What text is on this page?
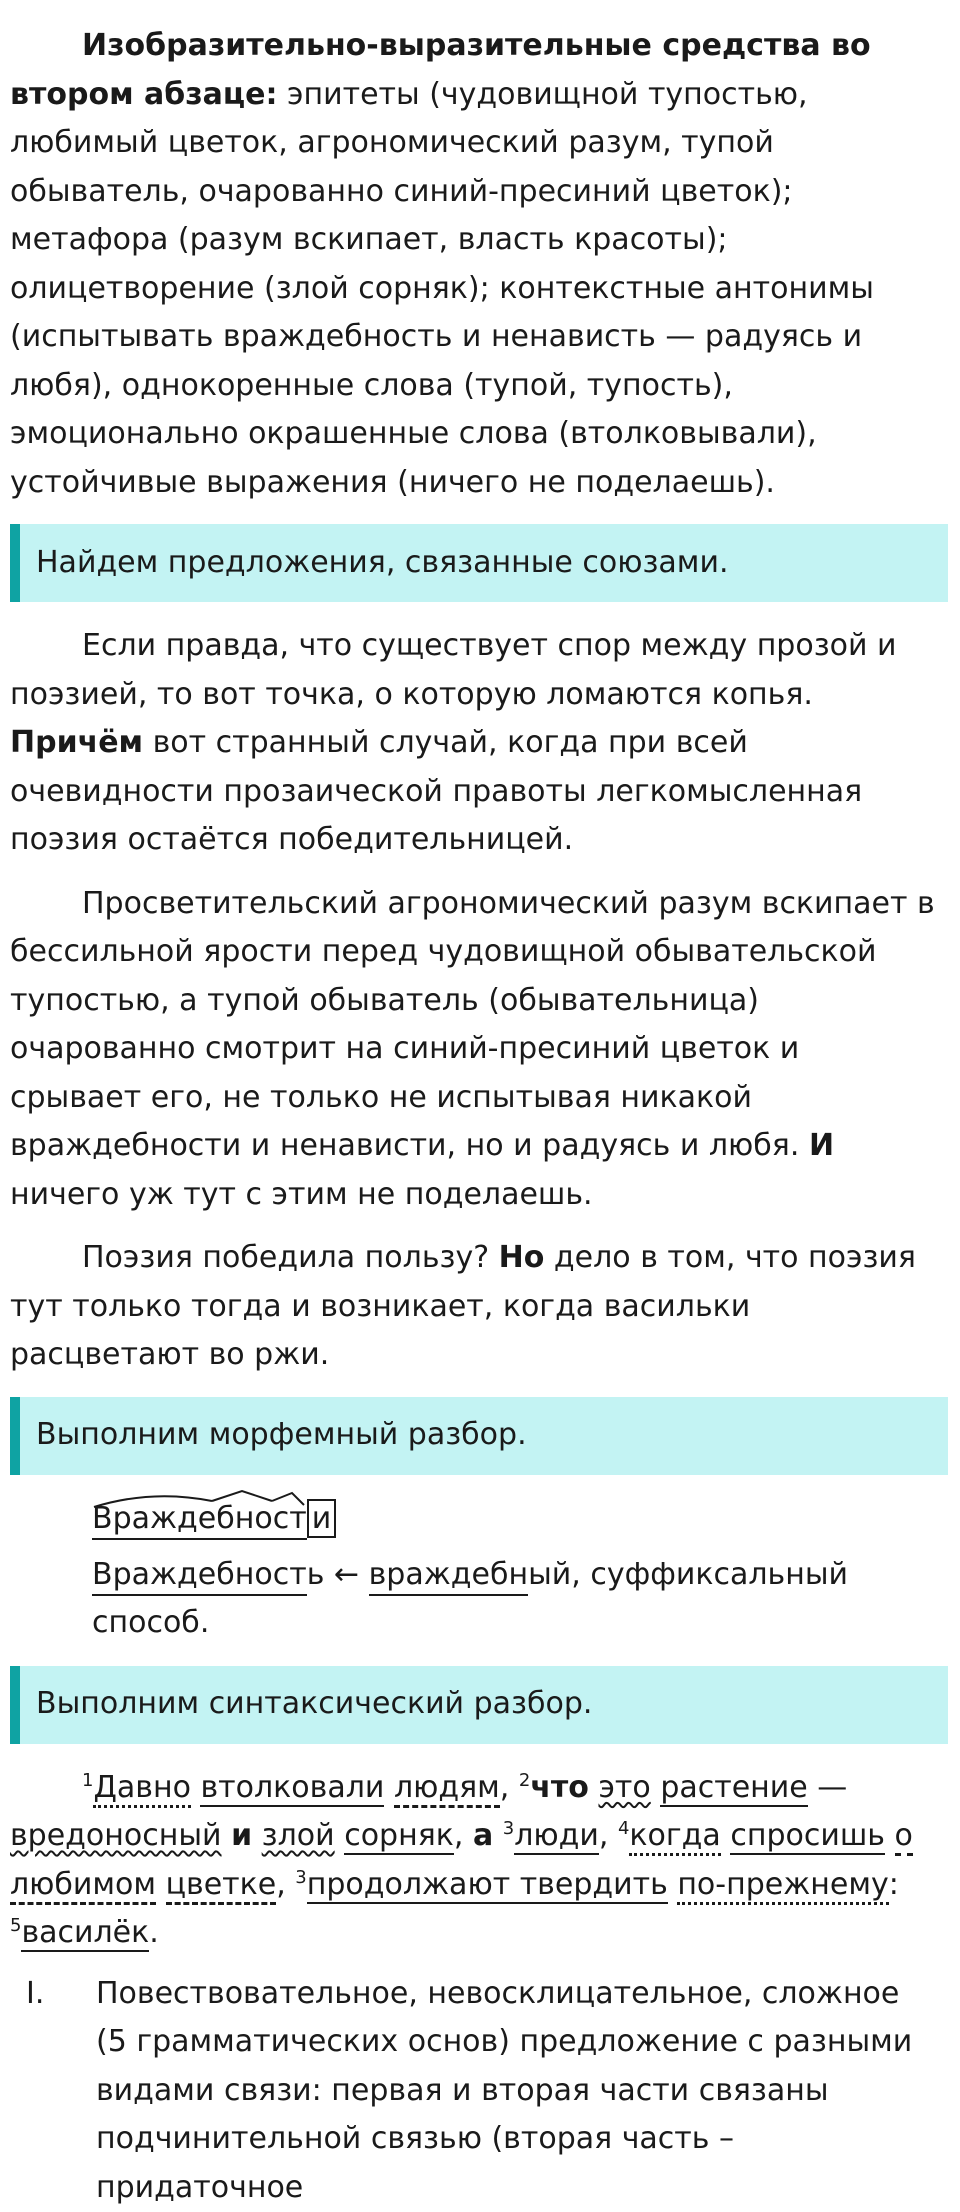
Изобразительно-выразительные средства во втором абзаце: эпитеты (чудовищной тупостью, любимый цветок, агрономический разум, тупой обыватель, очарованно синий-пресиний цветок); метафора (разум вскипает, власть красоты); олицетворение (злой сорняк); контекстные антонимы (испытывать враждебность и ненависть — радуясь и любя), однокоренные слова (тупой, тупость), эмоционально окрашенные слова (втолковывали), устойчивые выражения (ничего не поделаешь).

Найдем предложения, связанные союзами.

Если правда, что существует спор между прозой и поэзией, то вот точка, о которую ломаются копья. Причём вот странный случай, когда при всей очевидности прозаической правоты легкомысленная поэзия остаётся победительницей.

Просветительский агрономический разум вскипает в бессильной ярости перед чудовищной обывательской тупостью, а тупой обыватель (обывательница) очарованно смотрит на синий-пресиний цветок и срывает его, не только не испытывая никакой враждебности и ненависти, но и радуясь и любя. И ничего уж тут с этим не поделаешь.

Поэзия победила пользу? Но дело в том, что поэзия тут только тогда и возникает, когда васильки расцветают во ржи.

Выполним морфемный разбор.
Враждебност и

Враждебность ← враждебный, суффиксальный способ.

Выполним синтаксический разбор.

$^1$Давно втолковали людям, $^2$что это растение — вредоносный и злой сорняк, а $^3$люди, $^4$когда спросишь о любимом цветке, $^3$продолжают твердить по-прежнему: $^5$василёк.

I.	Повествовательное, невосклицательное, сложное (5 грамматических основ) предложение с разными видами связи: первая и вторая части связаны подчинительной связью (вторая часть – придаточное
